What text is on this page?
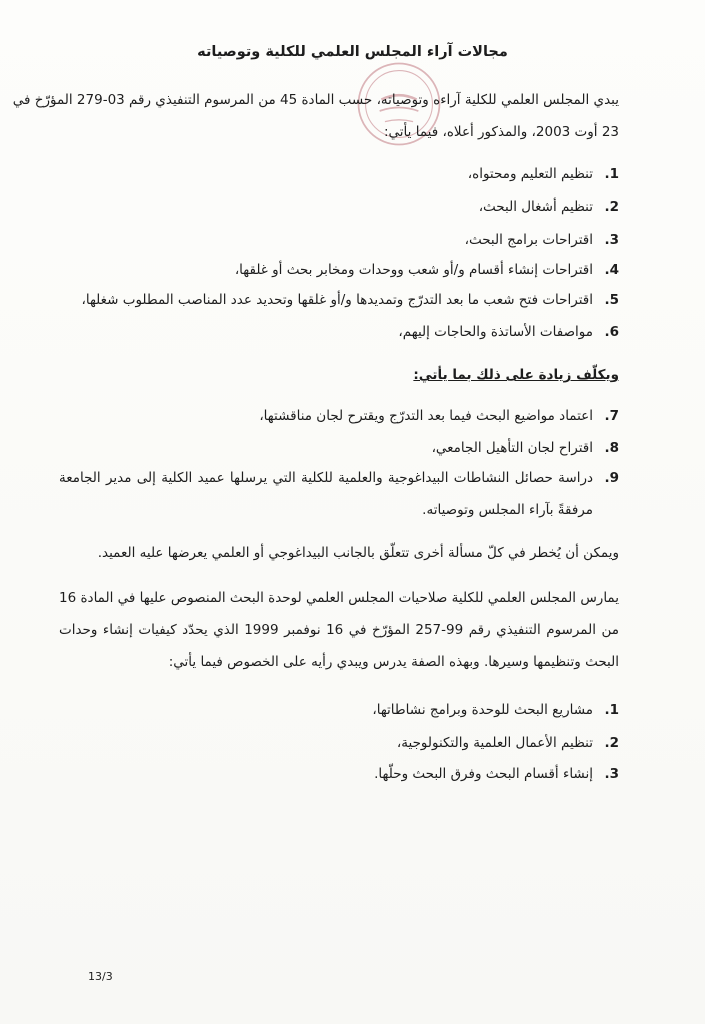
مجالات آراء المجلس العلمي للكلية وتوصياته
يبدي المجلس العلمي للكلية آراءه وتوصياته، حسب المادة 45 من المرسوم التنفيذي رقم 03-279 المؤرّخ في
23 أوت 2003، والمذكور أعلاه، فيما يأتي:
1.
تنظيم التعليم ومحتواه،
2.
تنظيم أشغال البحث،
3.
اقتراحات برامج البحث،
4.
اقتراحات إنشاء أقسام و/أو شعب ووحدات ومخابر بحث أو غلقها،
5.
اقتراحات فتح شعب ما بعد التدرّج وتمديدها و/أو غلقها وتحديد عدد المناصب المطلوب شغلها،
6.
مواصفات الأساتذة والحاجات إليهم،
ويكلّف زيادة على ذلك بما يأتي:
7.
اعتماد مواضيع البحث فيما بعد التدرّج ويقترح لجان مناقشتها،
8.
اقتراح لجان التأهيل الجامعي،
9.
دراسة حصائل النشاطات البيداغوجية والعلمية للكلية التي يرسلها عميد الكلية إلى مدير الجامعة مرفقةً بآراء المجلس وتوصياته.
ويمكن أن يُخطر في كلّ مسألة أخرى تتعلّق بالجانب البيداغوجي أو العلمي يعرضها عليه العميد.
يمارس المجلس العلمي للكلية صلاحيات المجلس العلمي لوحدة البحث المنصوص عليها في المادة 16 من المرسوم التنفيذي رقم 99-257 المؤرّخ في 16 نوفمبر 1999 الذي يحدّد كيفيات إنشاء وحدات البحث وتنظيمها وسيرها. وبهذه الصفة يدرس ويبدي رأيه على الخصوص فيما يأتي:
1.
مشاريع البحث للوحدة وبرامج نشاطاتها،
2.
تنظيم الأعمال العلمية والتكنولوجية،
3.
إنشاء أقسام البحث وفرق البحث وحلّها.
13/3
